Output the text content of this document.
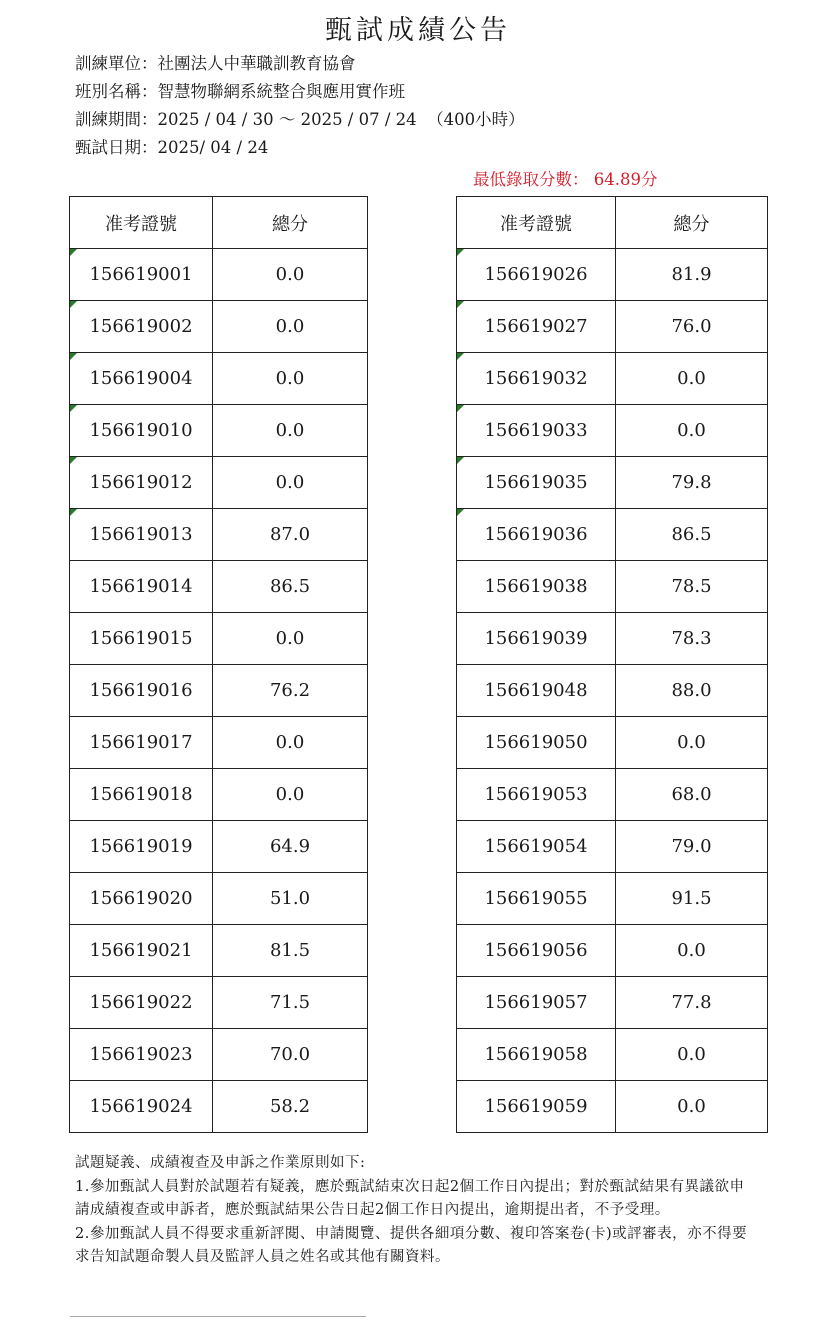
甄試成績公告
訓練單位：社團法人中華職訓教育協會
班別名稱：智慧物聯網系統整合與應用實作班
訓練期間：2025 / 04 / 30 ～ 2025 / 07 / 24  （400小時）
甄試日期：2025/ 04 / 24
最低錄取分數： 64.89分
准考證號	總分
156619001	0.0
156619002	0.0
156619004	0.0
156619010	0.0
156619012	0.0
156619013	87.0
156619014	86.5
156619015	0.0
156619016	76.2
156619017	0.0
156619018	0.0
156619019	64.9
156619020	51.0
156619021	81.5
156619022	71.5
156619023	70.0
156619024	58.2
准考證號	總分
156619026	81.9
156619027	76.0
156619032	0.0
156619033	0.0
156619035	79.8
156619036	86.5
156619038	78.5
156619039	78.3
156619048	88.0
156619050	0.0
156619053	68.0
156619054	79.0
156619055	91.5
156619056	0.0
156619057	77.8
156619058	0.0
156619059	0.0

試題疑義、成績複查及申訴之作業原則如下:

1.參加甄試人員對於試題若有疑義，應於甄試結束次日起2個工作日內提出；對於甄試結果有異議欲申請成績複查或申訴者，應於甄試結果公告日起2個工作日內提出，逾期提出者，不予受理。

2.參加甄試人員不得要求重新評閱、申請閱覽、提供各細項分數、複印答案卷(卡)或評審表，亦不得要求告知試題命製人員及監評人員之姓名或其他有關資料。
